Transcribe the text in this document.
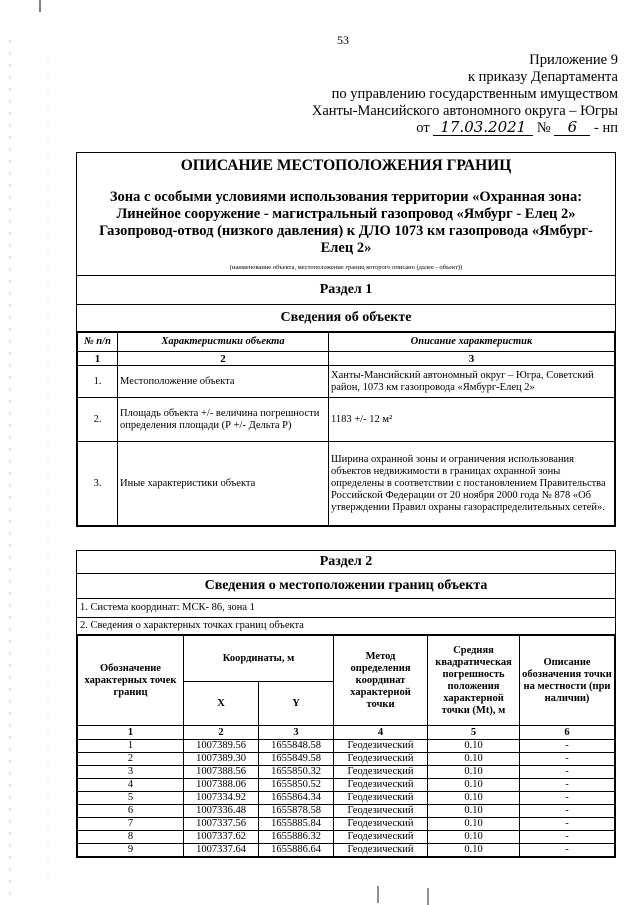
53
Приложение 9
к приказу Департамента
по управлению государственным имуществом
Ханты-Мансийского автономного округа – Югры
от 17.03.2021 № 6 - нп
ОПИСАНИЕ МЕСТОПОЛОЖЕНИЯ ГРАНИЦ
Зона с особыми условиями использования территории «Охранная зона: Линейное сооружение - магистральный газопровод «Ямбург - Елец 2» Газопровод-отвод (низкого давления) к ДЛО 1073 км газопровода «Ямбург-Елец 2»
(наименование объекта, местоположение границ которого описано (далее - объект))
Раздел 1
Сведения об объекте
№ п/п	Характеристики объекта	Описание характеристик
1	2	3
1.	Местоположение объекта	Ханты-Мансийский автономный округ – Югра, Советский район, 1073 км газопровода «Ямбург-Елец 2»
2.	Площадь объекта +/- величина погрешности определения площади (Р +/- Дельта Р)	1183 +/- 12 м²
3.	Иные характеристики объекта	Ширина охранной зоны и ограничения использования объектов недвижимости в границах охранной зоны определены в соответствии с постановлением Правительства Российской Федерации от 20 ноября 2000 года № 878 «Об утверждении Правил охраны газораспределительных сетей».
Раздел 2
Сведения о местоположении границ объекта
1. Система координат: МСК- 86, зона 1
2. Сведения о характерных точках границ объекта
Обозначение характерных точек границ	Координаты, м		Метод определения координат характерной точки	Средняя квадратическая погрешность положения характерной точки (Mt), м	Описание обозначения точки на местности (при наличии)
	X	Y			
1	2	3	4	5	6
1	1007389.56	1655848.58	Геодезический	0.10	-
2	1007389.30	1655849.58	Геодезический	0.10	-
3	1007388.56	1655850.32	Геодезический	0.10	-
4	1007388.06	1655850.52	Геодезический	0.10	-
5	1007334.92	1655864.34	Геодезический	0.10	-
6	1007336.48	1655878.58	Геодезический	0.10	-
7	1007337.56	1655885.84	Геодезический	0.10	-
8	1007337.62	1655886.32	Геодезический	0.10	-
9	1007337.64	1655886.64	Геодезический	0.10	-
